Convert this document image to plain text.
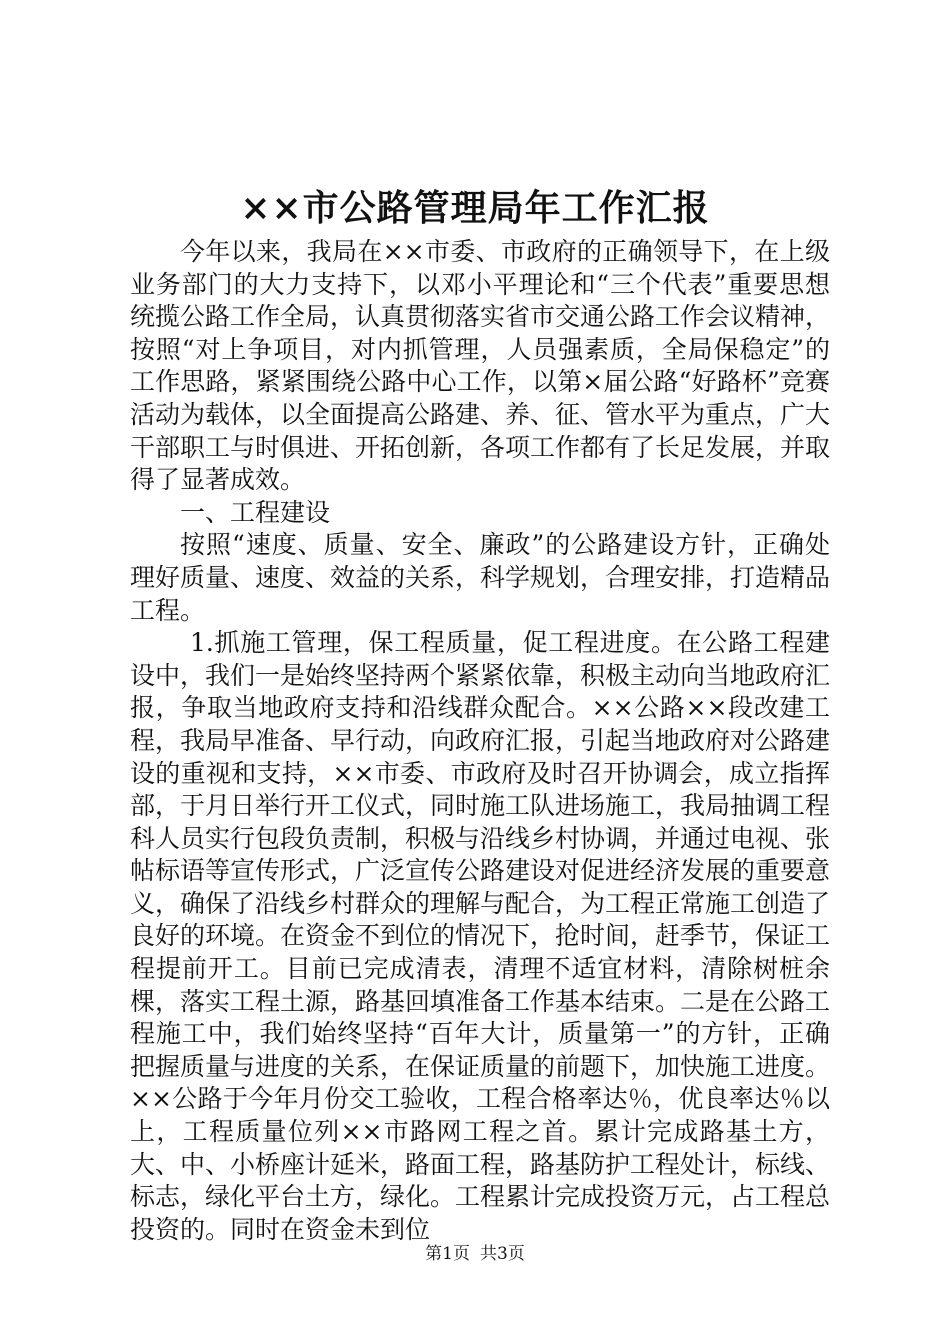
××市公路管理局年工作汇报

今年以来，我局在××市委、市政府的正确领导下，在上级业务部门的大力支持下，以邓小平理论和“三个代表”重要思想统揽公路工作全局，认真贯彻落实省市交通公路工作会议精神，按照“对上争项目，对内抓管理，人员强素质，全局保稳定”的工作思路，紧紧围绕公路中心工作，以第×届公路“好路杯”竞赛活动为载体，以全面提高公路建、养、征、管水平为重点，广大干部职工与时俱进、开拓创新，各项工作都有了长足发展，并取得了显著成效。

一、工程建设

按照“速度、质量、安全、廉政”的公路建设方针，正确处理好质量、速度、效益的关系，科学规划，合理安排，打造精品工程。

1.抓施工管理，保工程质量，促工程进度。在公路工程建设中，我们一是始终坚持两个紧紧依靠，积极主动向当地政府汇报，争取当地政府支持和沿线群众配合。××公路××段改建工程，我局早准备、早行动，向政府汇报，引起当地政府对公路建设的重视和支持，××市委、市政府及时召开协调会，成立指挥部，于月日举行开工仪式，同时施工队进场施工，我局抽调工程科人员实行包段负责制，积极与沿线乡村协调，并通过电视、张帖标语等宣传形式，广泛宣传公路建设对促进经济发展的重要意义，确保了沿线乡村群众的理解与配合，为工程正常施工创造了良好的环境。在资金不到位的情况下，抢时间，赶季节，保证工程提前开工。目前已完成清表，清理不适宜材料，清除树桩余棵，落实工程土源，路基回填准备工作基本结束。二是在公路工程施工中，我们始终坚持“百年大计，质量第一”的方针，正确把握质量与进度的关系，在保证质量的前题下，加快施工进度。××公路于今年月份交工验收，工程合格率达％，优良率达％以上，工程质量位列××市路网工程之首。累计完成路基土方，大、中、小桥座计延米，路面工程，路基防护工程处计，标线、标志，绿化平台土方，绿化。工程累计完成投资万元，占工程总投资的。同时在资金未到位

第1页 共3页
